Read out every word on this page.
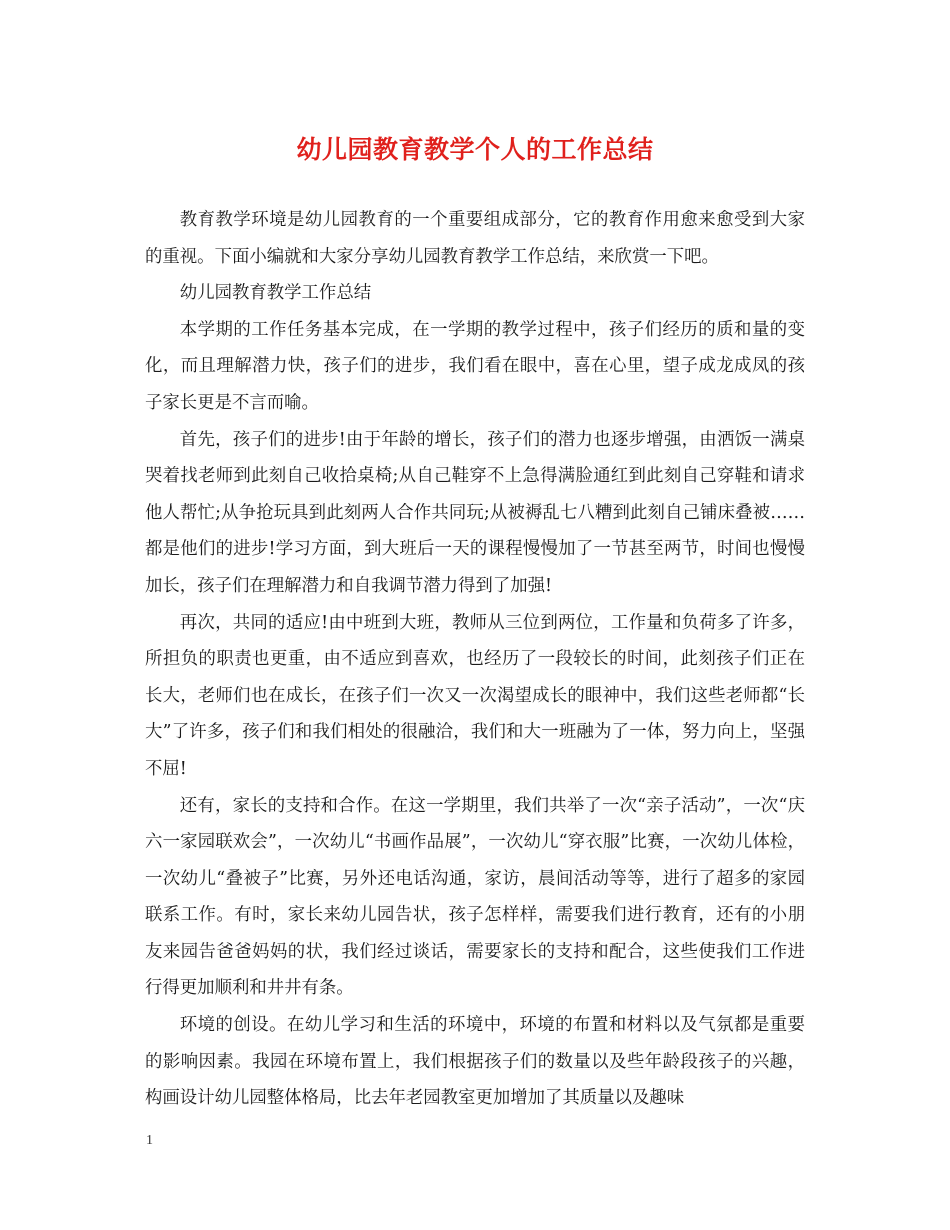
幼儿园教育教学个人的工作总结

教育教学环境是幼儿园教育的一个重要组成部分，它的教育作用愈来愈受到大家的重视。下面小编就和大家分享幼儿园教育教学工作总结，来欣赏一下吧。

幼儿园教育教学工作总结

本学期的工作任务基本完成，在一学期的教学过程中，孩子们经历的质和量的变化，而且理解潜力快，孩子们的进步，我们看在眼中，喜在心里，望子成龙成凤的孩子家长更是不言而喻。

首先，孩子们的进步!由于年龄的增长，孩子们的潜力也逐步增强，由洒饭一满桌哭着找老师到此刻自己收拾桌椅;从自己鞋穿不上急得满脸通红到此刻自己穿鞋和请求他人帮忙;从争抢玩具到此刻两人合作共同玩;从被褥乱七八糟到此刻自己铺床叠被……都是他们的进步!学习方面，到大班后一天的课程慢慢加了一节甚至两节，时间也慢慢加长，孩子们在理解潜力和自我调节潜力得到了加强!

再次，共同的适应!由中班到大班，教师从三位到两位，工作量和负荷多了许多，所担负的职责也更重，由不适应到喜欢，也经历了一段较长的时间，此刻孩子们正在长大，老师们也在成长，在孩子们一次又一次渴望成长的眼神中，我们这些老师都“长大”了许多，孩子们和我们相处的很融洽，我们和大一班融为了一体，努力向上，坚强不屈!

还有，家长的支持和合作。在这一学期里，我们共举了一次“亲子活动”，一次“庆六一家园联欢会”，一次幼儿“书画作品展”，一次幼儿“穿衣服”比赛，一次幼儿体检，一次幼儿“叠被子”比赛，另外还电话沟通，家访，晨间活动等等，进行了超多的家园联系工作。有时，家长来幼儿园告状，孩子怎样样，需要我们进行教育，还有的小朋友来园告爸爸妈妈的状，我们经过谈话，需要家长的支持和配合，这些使我们工作进行得更加顺利和井井有条。

环境的创设。在幼儿学习和生活的环境中，环境的布置和材料以及气氛都是重要的影响因素。我园在环境布置上，我们根据孩子们的数量以及些年龄段孩子的兴趣，构画设计幼儿园整体格局，比去年老园教室更加增加了其质量以及趣味

1
